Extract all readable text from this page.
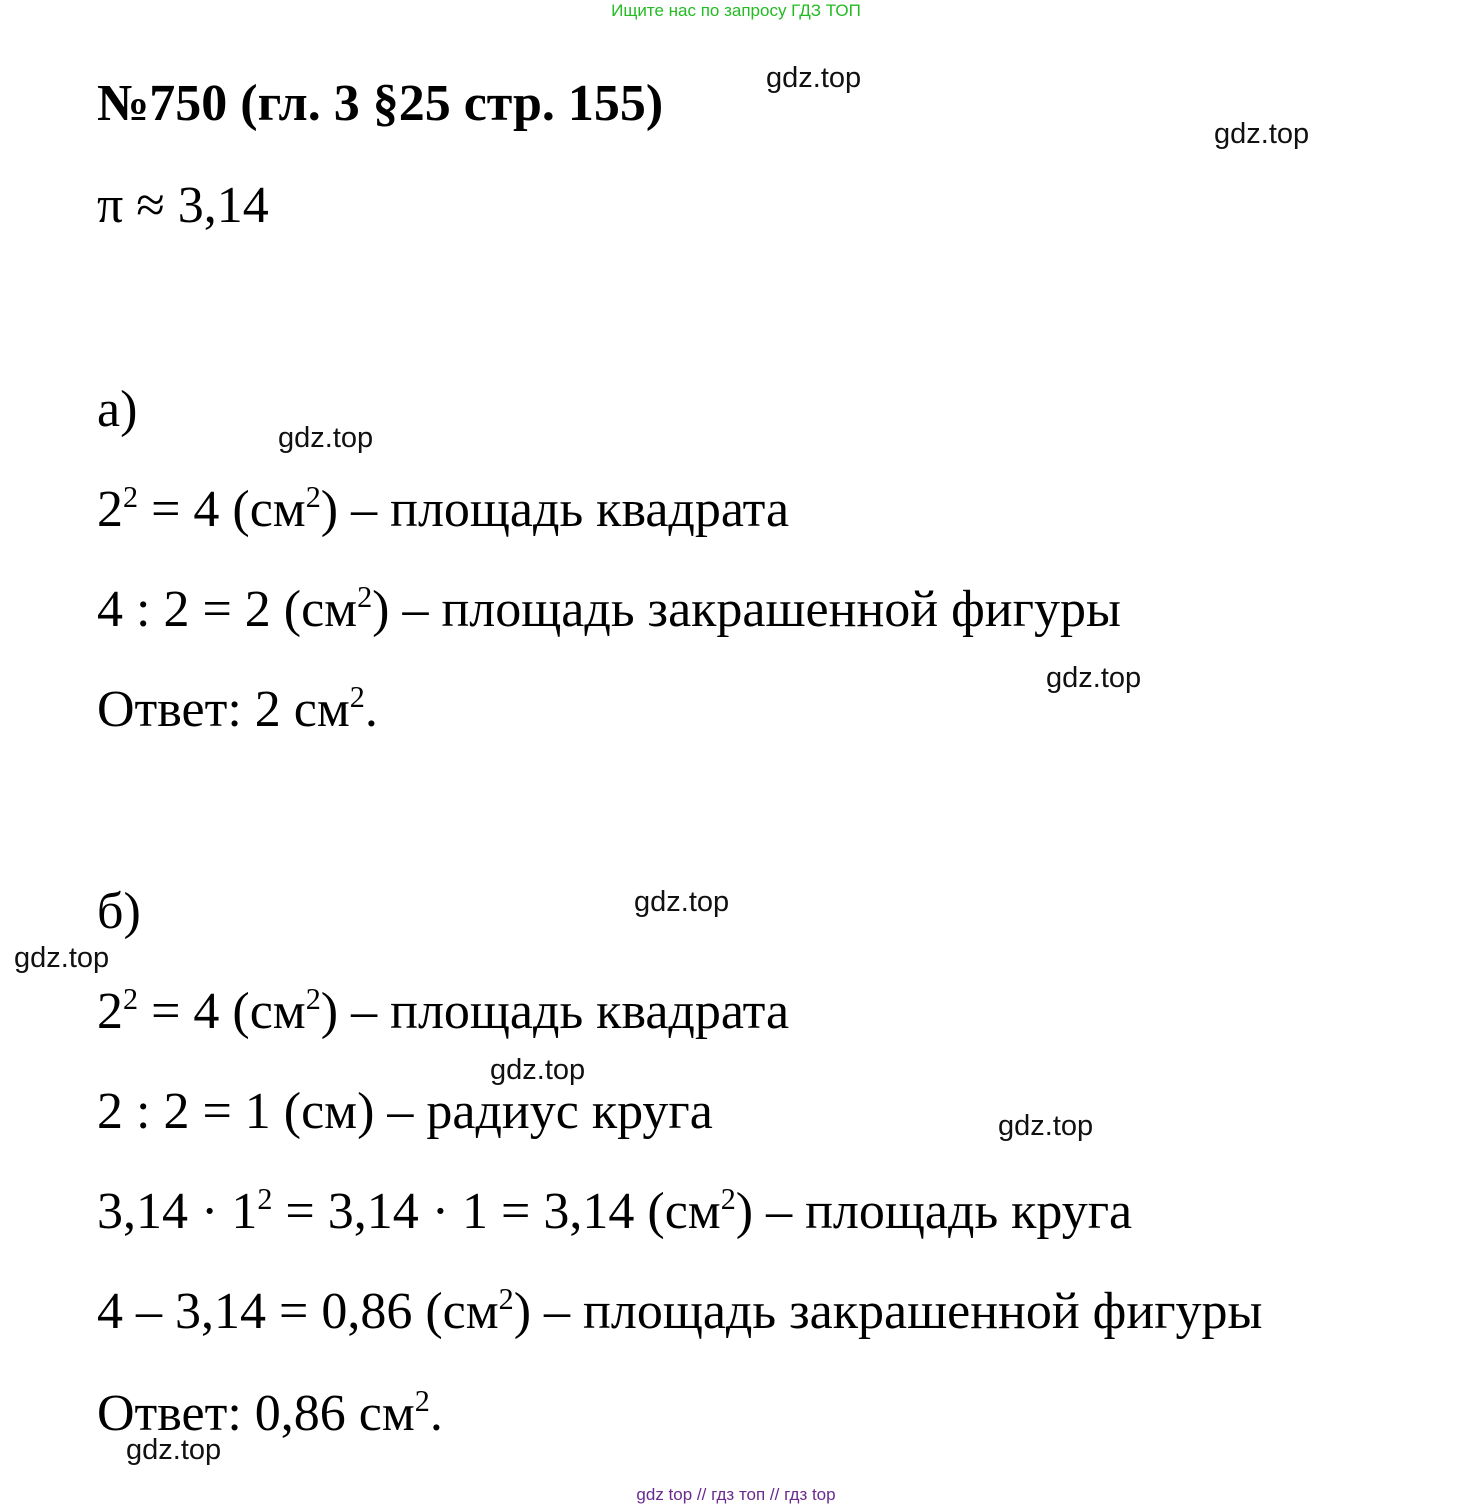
Ищите нас по запросу ГДЗ ТОП
№750 (гл. 3 §25 стр. 155)
π ≈ 3,14
а)
$2^2 = 4$ $(см^2)$ – площадь квадрата
4 : 2 = 2 $(см^2)$ – площадь закрашенной фигуры
Ответ: 2 $см^2$.
б)
$2^2 = 4$ $(см^2)$ – площадь квадрата
2 : 2 = 1 (см) – радиус круга
$3,14 \cdot 1^2 = 3,14 \cdot 1 = 3,14$ $(см^2)$ – площадь круга
4 – 3,14 = 0,86 $(см^2)$ – площадь закрашенной фигуры
Ответ: 0,86 $см^2$.
gdz.top
gdz.top
gdz.top
gdz.top
gdz.top
gdz.top
gdz.top
gdz.top
gdz.top
gdz top // гдз топ // гдз top
